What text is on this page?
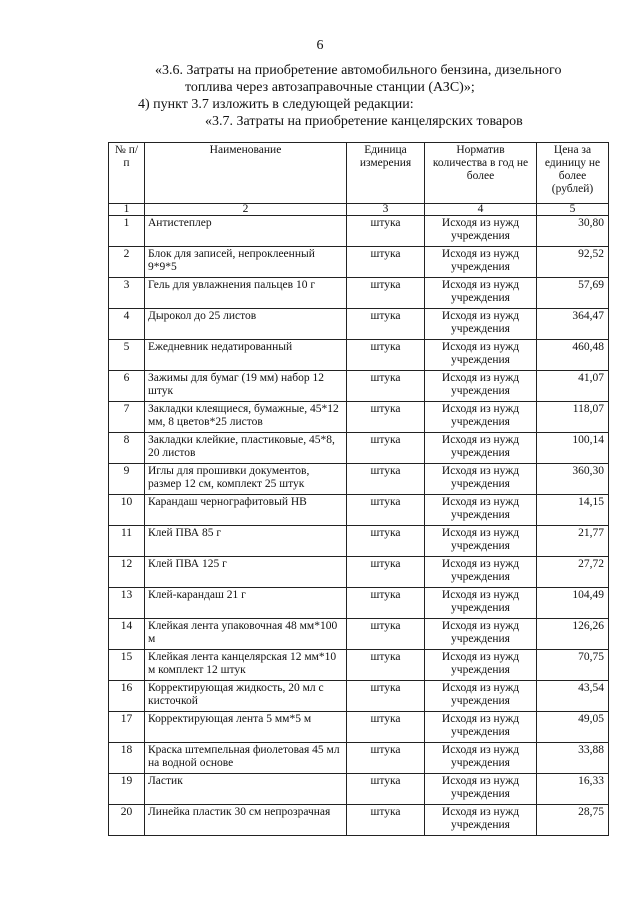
6
«3.6. Затраты на приобретение автомобильного бензина, дизельного
топлива через автозаправочные станции (АЗС)»;
4) пункт 3.7 изложить в следующей редакции:
«3.7. Затраты на приобретение канцелярских товаров
№ п/п	Наименование	Единица измерения	Норматив количества в год не более	Цена за единицу не более (рублей)
1	2	3	4	5
1	Антистеплер	штука	Исходя из нужд учреждения	30,80
2	Блок для записей, непроклеенный 9*9*5	штука	Исходя из нужд учреждения	92,52
3	Гель для увлажнения пальцев 10 г	штука	Исходя из нужд учреждения	57,69
4	Дырокол до 25 листов	штука	Исходя из нужд учреждения	364,47
5	Ежедневник недатированный	штука	Исходя из нужд учреждения	460,48
6	Зажимы для бумаг (19 мм) набор 12 штук	штука	Исходя из нужд учреждения	41,07
7	Закладки клеящиеся, бумажные, 45*12 мм, 8 цветов*25 листов	штука	Исходя из нужд учреждения	118,07
8	Закладки клейкие, пластиковые, 45*8, 20 листов	штука	Исходя из нужд учреждения	100,14
9	Иглы для прошивки документов, размер 12 см, комплект 25 штук	штука	Исходя из нужд учреждения	360,30
10	Карандаш чернографитовый НВ	штука	Исходя из нужд учреждения	14,15
11	Клей ПВА 85 г	штука	Исходя из нужд учреждения	21,77
12	Клей ПВА 125 г	штука	Исходя из нужд учреждения	27,72
13	Клей-карандаш 21 г	штука	Исходя из нужд учреждения	104,49
14	Клейкая лента упаковочная 48 мм*100 м	штука	Исходя из нужд учреждения	126,26
15	Клейкая лента канцелярская 12 мм*10 м комплект 12 штук	штука	Исходя из нужд учреждения	70,75
16	Корректирующая жидкость, 20 мл с кисточкой	штука	Исходя из нужд учреждения	43,54
17	Корректирующая лента 5 мм*5 м	штука	Исходя из нужд учреждения	49,05
18	Краска штемпельная фиолетовая 45 мл на водной основе	штука	Исходя из нужд учреждения	33,88
19	Ластик	штука	Исходя из нужд учреждения	16,33
20	Линейка пластик 30 см непрозрачная	штука	Исходя из нужд учреждения	28,75
